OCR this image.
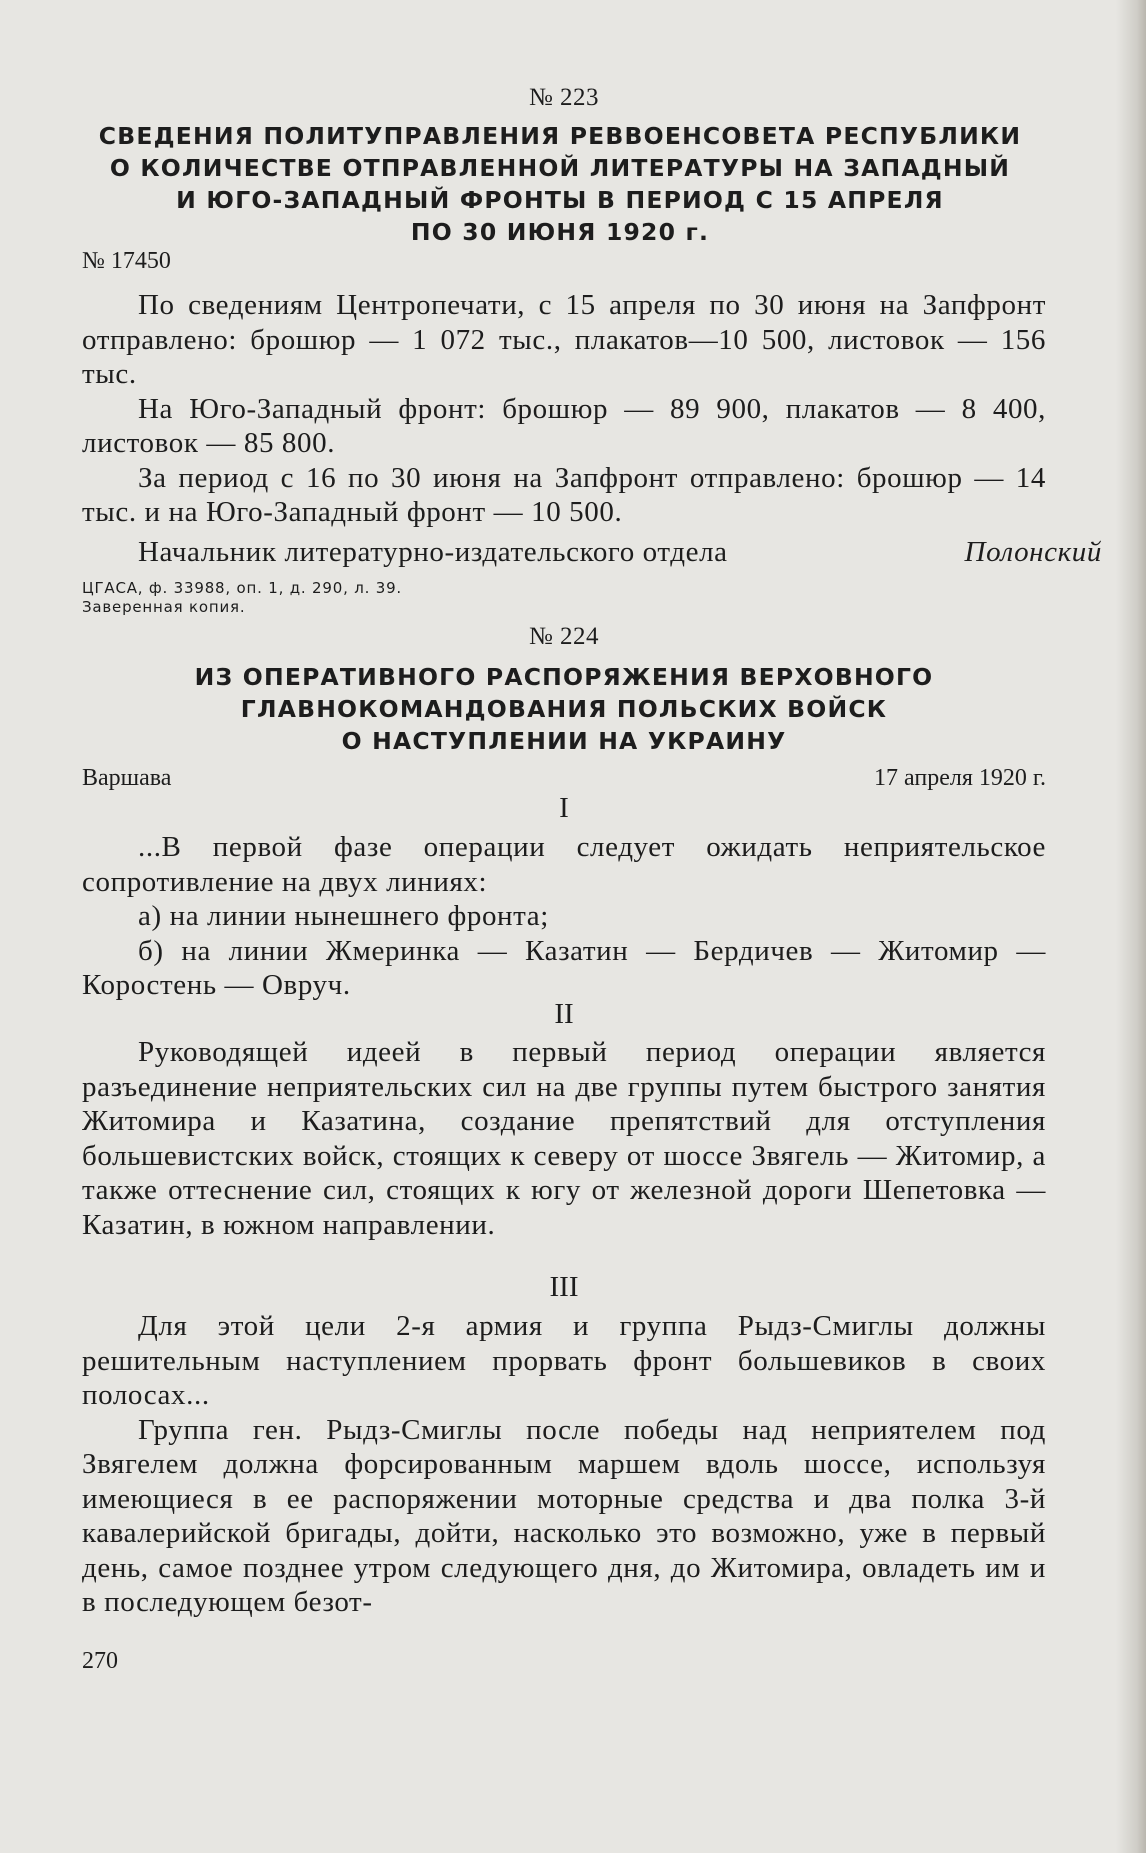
№ 223
СВЕДЕНИЯ ПОЛИТУПРАВЛЕНИЯ РЕВВОЕНСОВЕТА РЕСПУБЛИКИ
О КОЛИЧЕСТВЕ ОТПРАВЛЕННОЙ ЛИТЕРАТУРЫ НА ЗАПАДНЫЙ
И ЮГО-ЗАПАДНЫЙ ФРОНТЫ В ПЕРИОД С 15 АПРЕЛЯ
ПО 30 ИЮНЯ 1920 г.
№ 17450

По сведениям Центропечати, с 15 апреля по 30 июня на Запфронт отправлено: брошюр — 1 072 тыс., плакатов—10 500, листовок — 156 тыс.

На Юго-Западный фронт: брошюр — 89 900, плакатов — 8 400, листовок — 85 800.

За период с 16 по 30 июня на Запфронт отправлено: брошюр — 14 тыс. и на Юго-Западный фронт — 10 500.

Начальник литературно-издательского отдела	Полонский
ЦГАСА, ф. 33988, оп. 1, д. 290, л. 39.
Заверенная копия.
№ 224
ИЗ ОПЕРАТИВНОГО РАСПОРЯЖЕНИЯ ВЕРХОВНОГО
ГЛАВНОКОМАНДОВАНИЯ ПОЛЬСКИХ ВОЙСК
О НАСТУПЛЕНИИ НА УКРАИНУ
Варшава	17 апреля 1920 г.
I

...В первой фазе операции следует ожидать неприятельское сопротивление на двух линиях:

а) на линии нынешнего фронта;

б) на линии Жмеринка — Казатин — Бердичев — Житомир — Коростень — Овруч.

II

Руководящей идеей в первый период операции является разъединение неприятельских сил на две группы путем быстрого занятия Житомира и Казатина, создание препятствий для отступления большевистских войск, стоящих к северу от шоссе Звягель — Житомир, а также оттеснение сил, стоящих к югу от железной дороги Шепетовка — Казатин, в южном направлении.

III

Для этой цели 2-я армия и группа Рыдз-Смиглы должны решительным наступлением прорвать фронт большевиков в своих полосах...

Группа ген. Рыдз-Смиглы после победы над неприятелем под Звягелем должна форсированным маршем вдоль шоссе, используя имеющиеся в ее распоряжении моторные средства и два полка 3-й кавалерийской бригады, дойти, насколько это возможно, уже в первый день, самое позднее утром следующего дня, до Житомира, овладеть им и в последующем безот-

270
